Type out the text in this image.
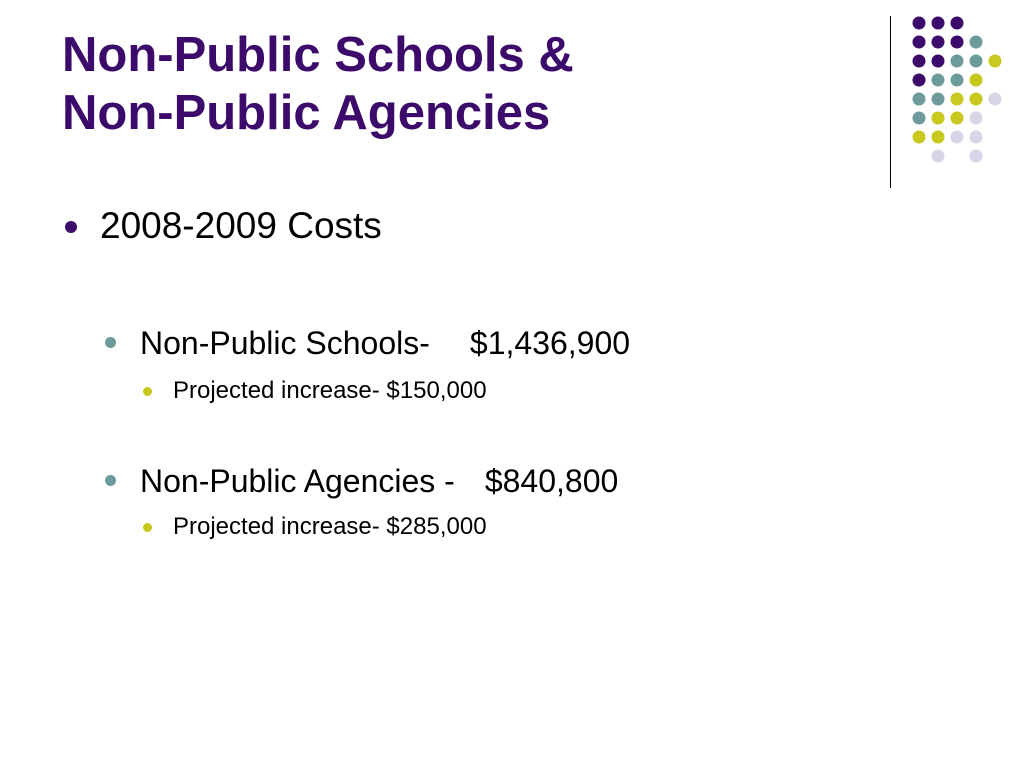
Non-Public Schools &
Non-Public Agencies
2008-2009 Costs
Non-Public Schools- $1,436,900
Projected increase- $150,000
Non-Public Agencies - $840,800
Projected increase- $285,000
